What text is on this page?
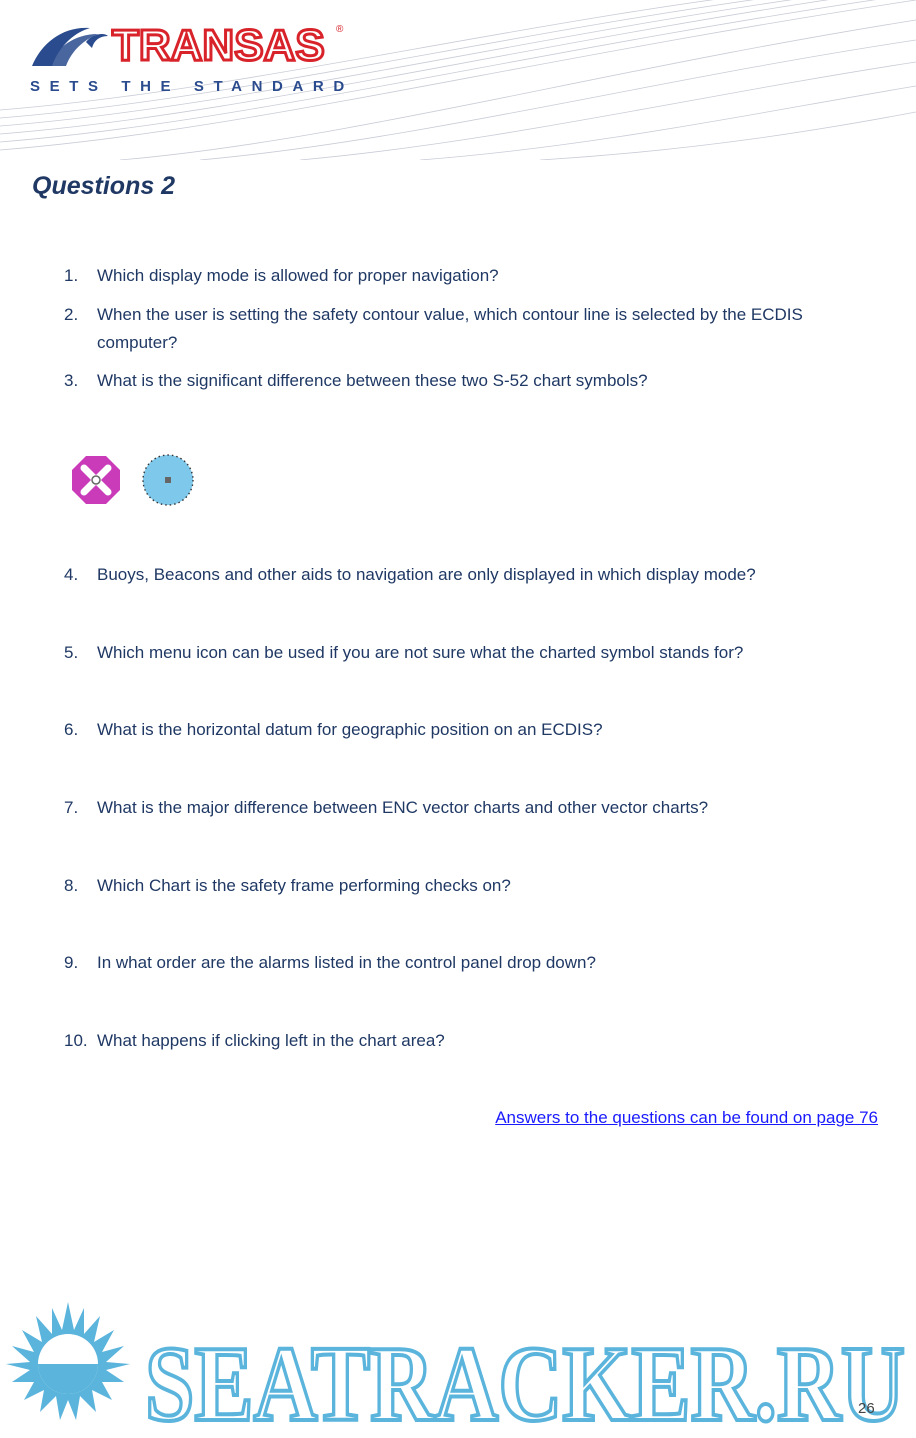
TRANSAS ®
SETS THE STANDARD
Questions 2
1. Which display mode is allowed for proper navigation?
2. When the user is setting the safety contour value, which contour line is selected by the ECDIS computer?
3. What is the significant difference between these two S-52 chart symbols?
4. Buoys, Beacons and other aids to navigation are only displayed in which display mode?
5. Which menu icon can be used if you are not sure what the charted symbol stands for?
6. What is the horizontal datum for geographic position on an ECDIS?
7. What is the major difference between ENC vector charts and other vector charts?
8. Which Chart is the safety frame performing checks on?
9. In what order are the alarms listed in the control panel drop down?
10. What happens if clicking left in the chart area?
Answers to the questions can be found on page 76
SEATRACKER.RU
26
